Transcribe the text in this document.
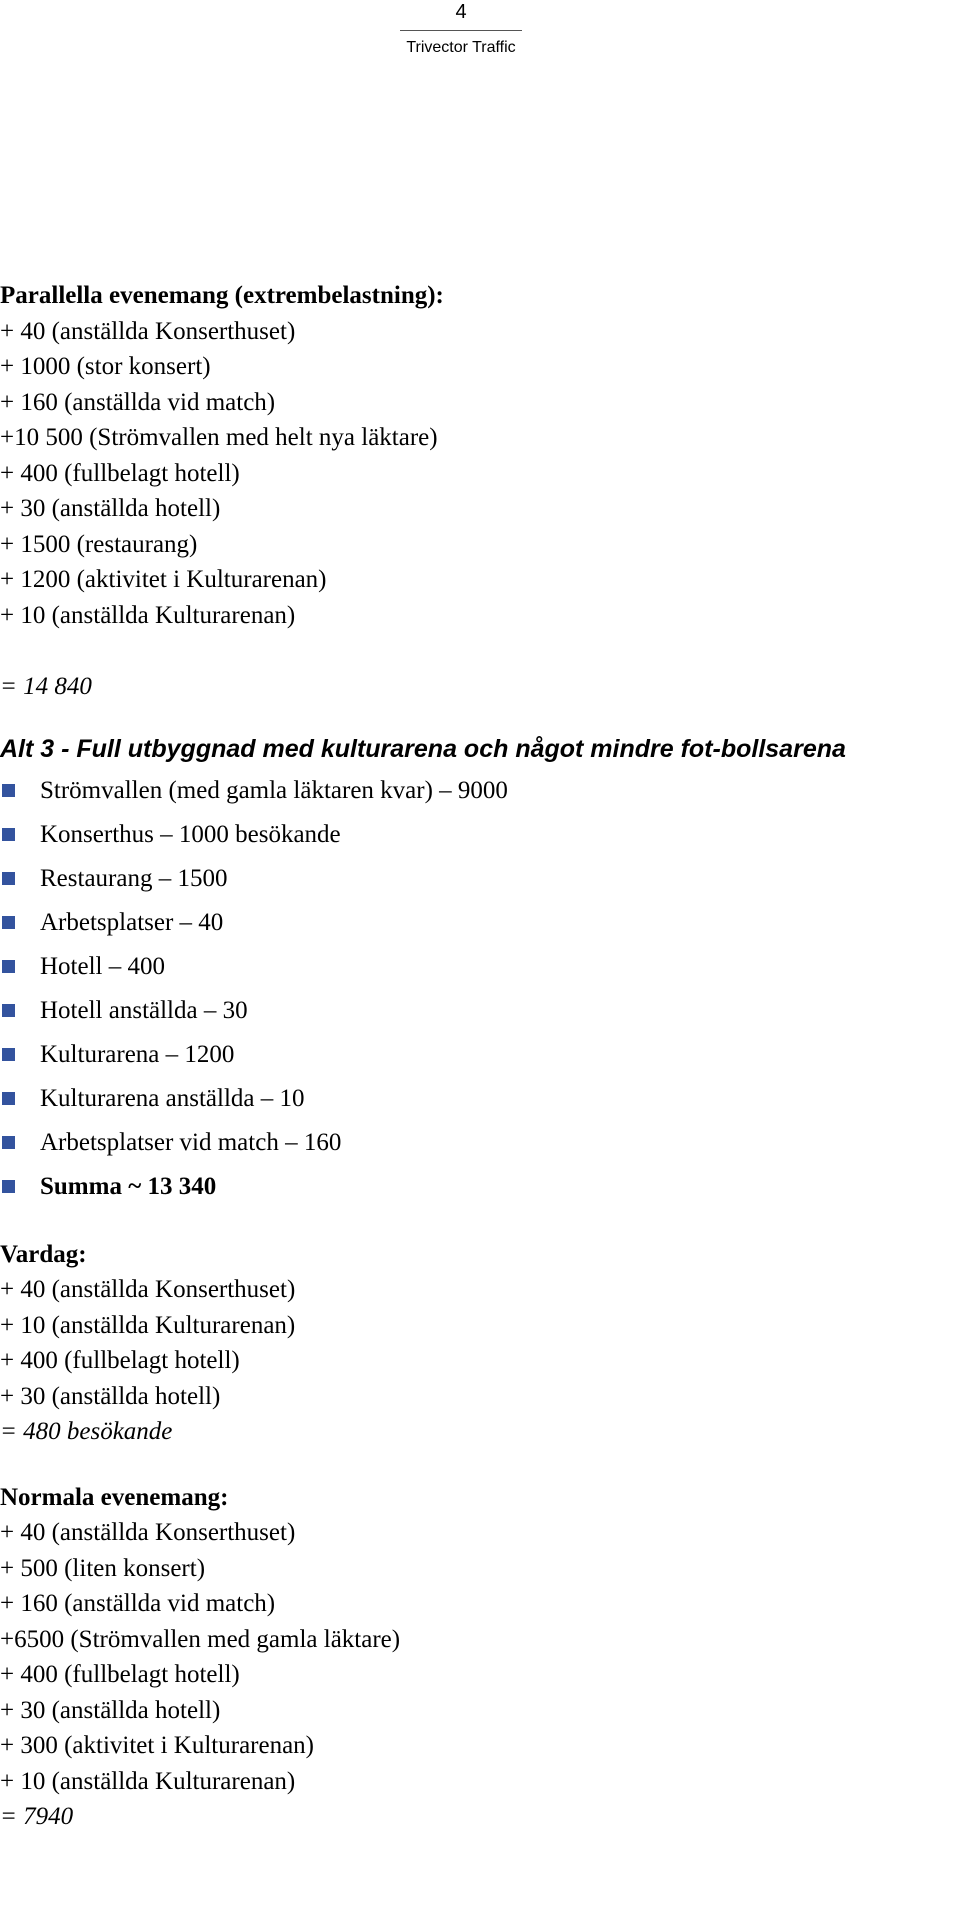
4
Trivector Traffic
Parallella evenemang (extrembelastning):
+ 40 (anställda Konserthuset)
+ 1000 (stor konsert)
+ 160 (anställda vid match)
+10 500 (Strömvallen med helt nya läktare)
+ 400 (fullbelagt hotell)
+ 30 (anställda hotell)
+ 1500 (restaurang)
+ 1200 (aktivitet i Kulturarenan)
+ 10 (anställda Kulturarenan)
= 14 840
Alt 3 - Full utbyggnad med kulturarena och något mindre fot-bollsarena
Strömvallen (med gamla läktaren kvar) – 9000
Konserthus – 1000 besökande
Restaurang – 1500
Arbetsplatser – 40
Hotell – 400
Hotell anställda – 30
Kulturarena – 1200
Kulturarena anställda – 10
Arbetsplatser vid match – 160
Summa ~ 13 340
Vardag:
+ 40 (anställda Konserthuset)
+ 10 (anställda Kulturarenan)
+ 400 (fullbelagt hotell)
+ 30 (anställda hotell)
= 480 besökande
Normala evenemang:
+ 40 (anställda Konserthuset)
+ 500 (liten konsert)
+ 160 (anställda vid match)
+6500 (Strömvallen med gamla läktare)
+ 400 (fullbelagt hotell)
+ 30 (anställda hotell)
+ 300 (aktivitet i Kulturarenan)
+ 10 (anställda Kulturarenan)
= 7940
